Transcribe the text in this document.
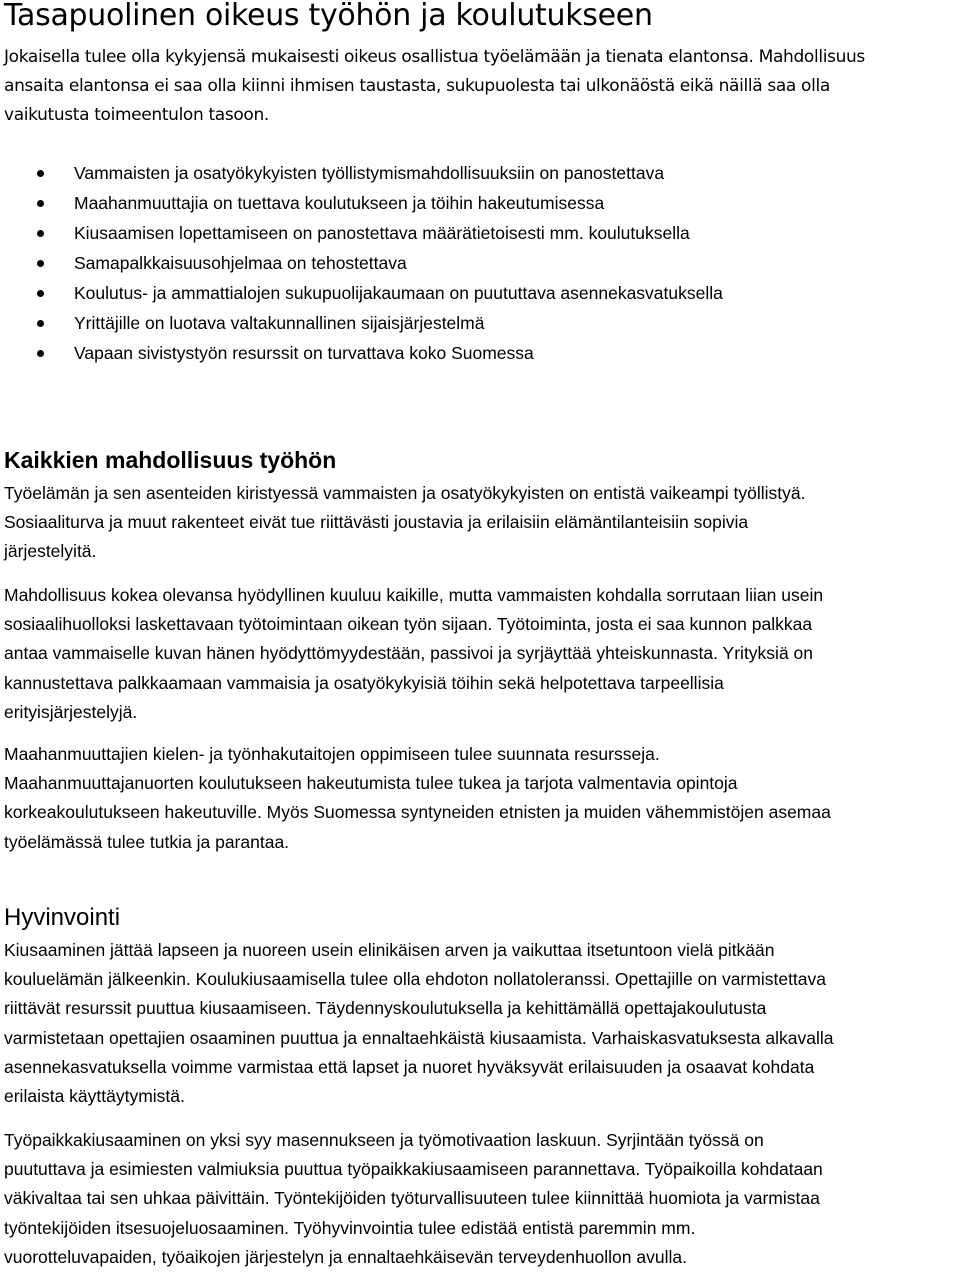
Tasapuolinen oikeus työhön ja koulutukseen

Jokaisella tulee olla kykyjensä mukaisesti oikeus osallistua työelämään ja tienata elantonsa. Mahdollisuus
ansaita elantonsa ei saa olla kiinni ihmisen taustasta, sukupuolesta tai ulkonäöstä eikä näillä saa olla
vaikutusta toimeentulon tasoon.

Vammaisten ja osatyökykyisten työllistymismahdollisuuksiin on panostettava
Maahanmuuttajia on tuettava koulutukseen ja töihin hakeutumisessa
Kiusaamisen lopettamiseen on panostettava määrätietoisesti mm. koulutuksella
Samapalkkaisuusohjelmaa on tehostettava
Koulutus- ja ammattialojen sukupuolijakaumaan on puututtava asennekasvatuksella
Yrittäjille on luotava valtakunnallinen sijaisjärjestelmä
Vapaan sivistystyön resurssit on turvattava koko Suomessa
Kaikkien mahdollisuus työhön

Työelämän ja sen asenteiden kiristyessä vammaisten ja osatyökykyisten on entistä vaikeampi työllistyä.
Sosiaaliturva ja muut rakenteet eivät tue riittävästi joustavia ja erilaisiin elämäntilanteisiin sopivia
järjestelyitä.

Mahdollisuus kokea olevansa hyödyllinen kuuluu kaikille, mutta vammaisten kohdalla sorrutaan liian usein
sosiaalihuolloksi laskettavaan työtoimintaan oikean työn sijaan. Työtoiminta, josta ei saa kunnon palkkaa
antaa vammaiselle kuvan hänen hyödyttömyydestään, passivoi ja syrjäyttää yhteiskunnasta. Yrityksiä on
kannustettava palkkaamaan vammaisia ja osatyökykyisiä töihin sekä helpotettava tarpeellisia
erityisjärjestelyjä.

Maahanmuuttajien kielen- ja työnhakutaitojen oppimiseen tulee suunnata resursseja.
Maahanmuuttajanuorten koulutukseen hakeutumista tulee tukea ja tarjota valmentavia opintoja
korkeakoulutukseen hakeutuville. Myös Suomessa syntyneiden etnisten ja muiden vähemmistöjen asemaa
työelämässä tulee tutkia ja parantaa.

Hyvinvointi

Kiusaaminen jättää lapseen ja nuoreen usein elinikäisen arven ja vaikuttaa itsetuntoon vielä pitkään
kouluelämän jälkeenkin. Koulukiusaamisella tulee olla ehdoton nollatoleranssi. Opettajille on varmistettava
riittävät resurssit puuttua kiusaamiseen. Täydennyskoulutuksella ja kehittämällä opettajakoulutusta
varmistetaan opettajien osaaminen puuttua ja ennaltaehkäistä kiusaamista. Varhaiskasvatuksesta alkavalla
asennekasvatuksella voimme varmistaa että lapset ja nuoret hyväksyvät erilaisuuden ja osaavat kohdata
erilaista käyttäytymistä.

Työpaikkakiusaaminen on yksi syy masennukseen ja työmotivaation laskuun. Syrjintään työssä on
puututtava ja esimiesten valmiuksia puuttua työpaikkakiusaamiseen parannettava. Työpaikoilla kohdataan
väkivaltaa tai sen uhkaa päivittäin. Työntekijöiden työturvallisuuteen tulee kiinnittää huomiota ja varmistaa
työntekijöiden itsesuojeluosaaminen. Työhyvinvointia tulee edistää entistä paremmin mm.
vuorotteluvapaiden, työaikojen järjestelyn ja ennaltaehkäisevän terveydenhuollon avulla.
